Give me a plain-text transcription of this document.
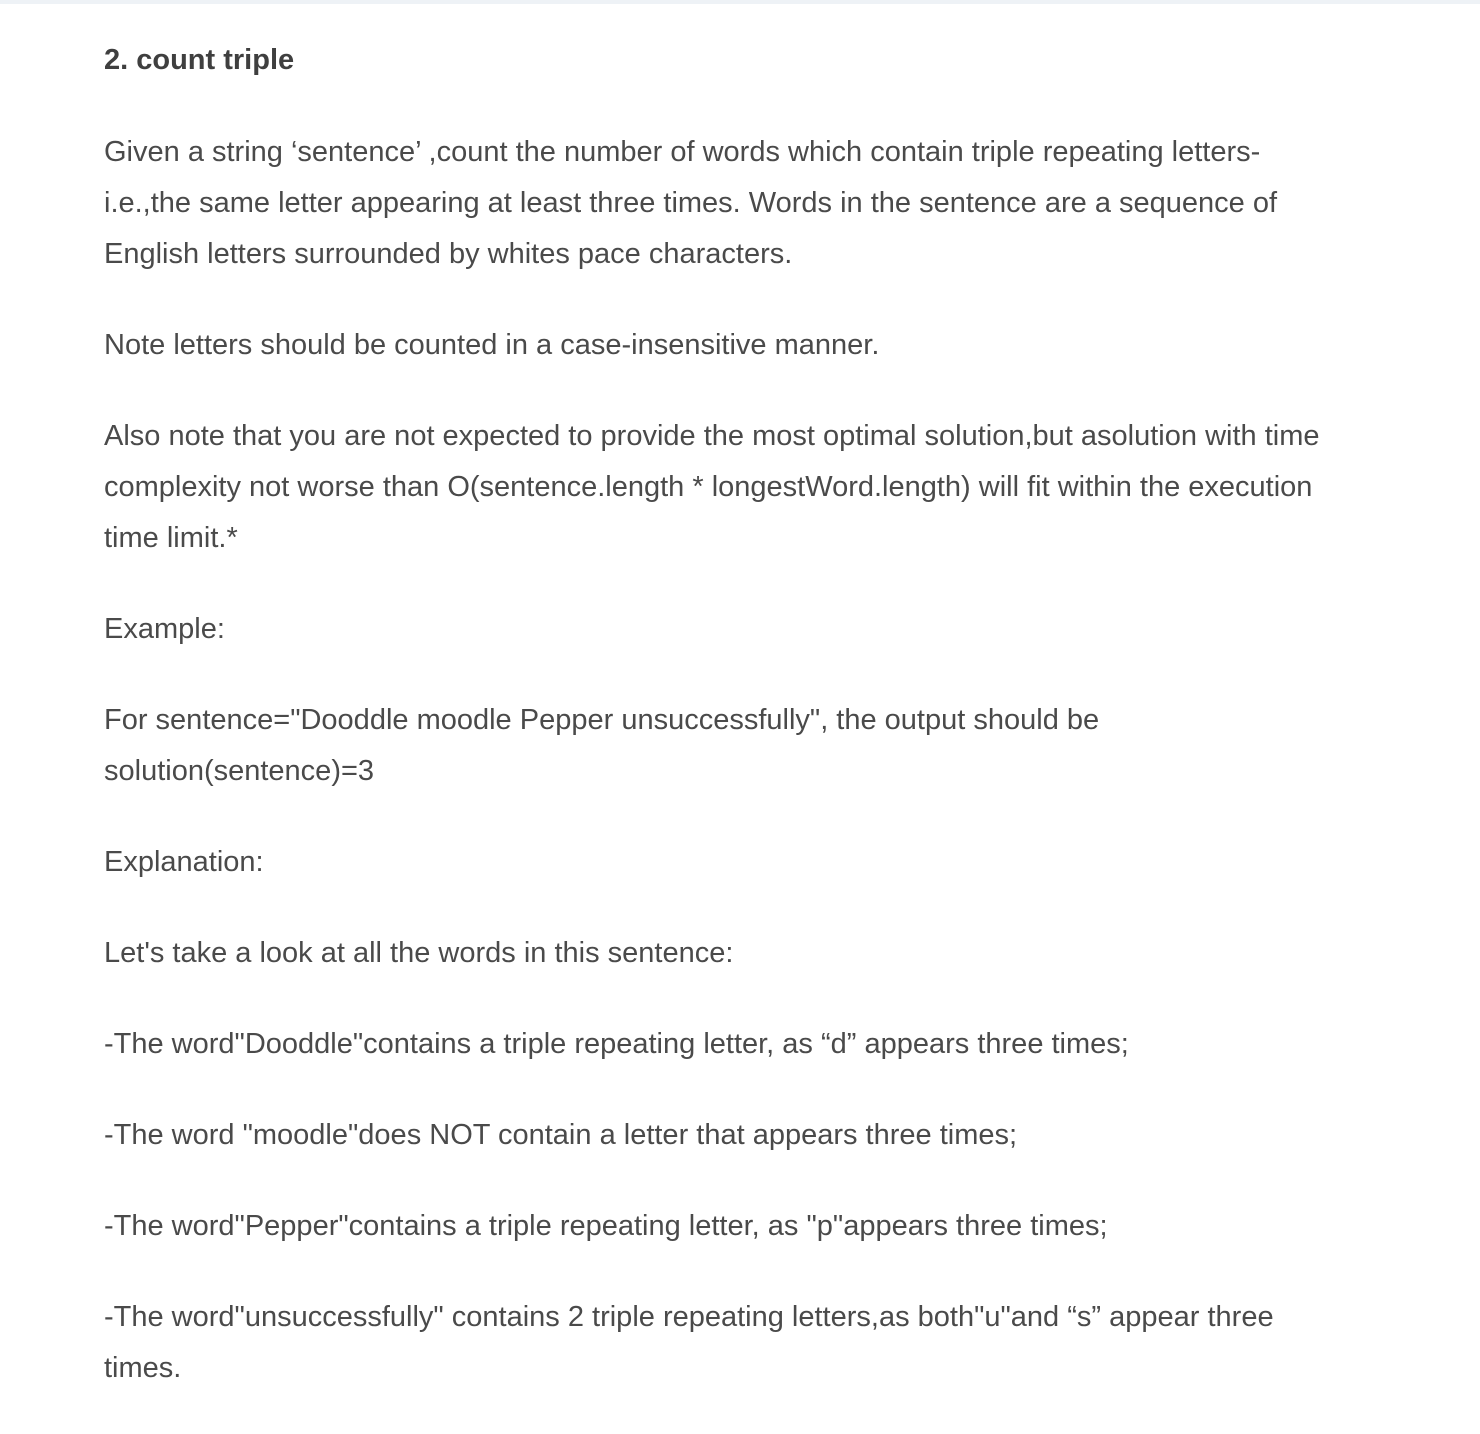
2. count triple

Given a string ‘sentence’ ,count the number of words which contain triple repeating letters-
i.e.,the same letter appearing at least three times. Words in the sentence are a sequence of
English letters surrounded by whites pace characters.

Note letters should be counted in a case-insensitive manner.

Also note that you are not expected to provide the most optimal solution,but asolution with time
complexity not worse than O(sentence.length * longestWord.length) will fit within the execution
time limit.*

Example:

For sentence="Dooddle moodle Pepper unsuccessfully", the output should be
solution(sentence)=3

Explanation:

Let's take a look at all the words in this sentence:

-The word"Dooddle"contains a triple repeating letter, as “d” appears three times;

-The word "moodle"does NOT contain a letter that appears three times;

-The word"Pepper"contains a triple repeating letter, as "p"appears three times;

-The word"unsuccessfully" contains 2 triple repeating letters,as both"u"and “s” appear three
times.
